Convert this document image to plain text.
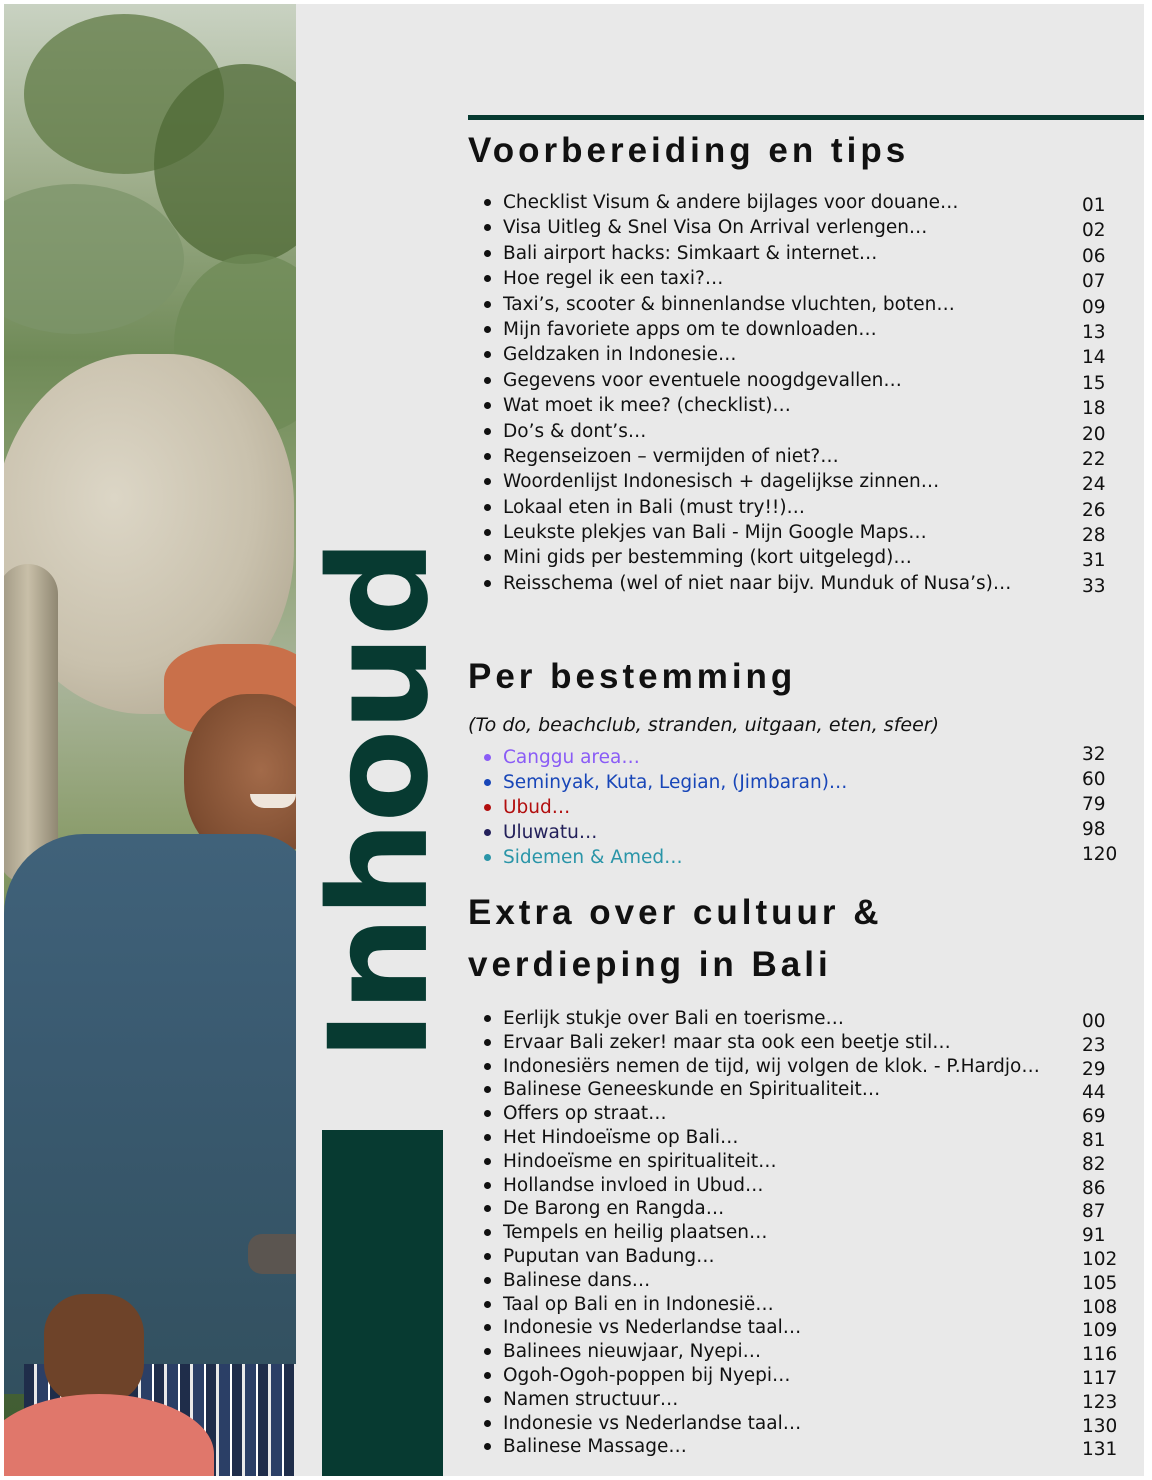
Inhoud
Voorbereiding en tips
Checklist Visum & andere bijlages voor douane…	01
Visa Uitleg & Snel Visa On Arrival verlengen…	02
Bali airport hacks: Simkaart & internet…	06
Hoe regel ik een taxi?…	07
Taxi’s, scooter & binnenlandse vluchten, boten…	09
Mijn favoriete apps om te downloaden…	13
Geldzaken in Indonesie…	14
Gegevens voor eventuele noogdgevallen…	15
Wat moet ik mee? (checklist)…	18
Do’s & dont’s…	20
Regenseizoen – vermijden of niet?…	22
Woordenlijst Indonesisch + dagelijkse zinnen…	24
Lokaal eten in Bali (must try!!)…	26
Leukste plekjes van Bali - Mijn Google Maps…	28
Mini gids per bestemming (kort uitgelegd)…	31
Reisschema (wel of niet naar bijv. Munduk of Nusa’s)…	33
Per bestemming
(To do, beachclub, stranden, uitgaan, eten, sfeer)
Canggu area…	32
Seminyak, Kuta, Legian, (Jimbaran)…	60
Ubud…	79
Uluwatu…	98
Sidemen & Amed…	120
Extra over cultuur &
verdieping in Bali
Eerlijk stukje over Bali en toerisme…	00
Ervaar Bali zeker! maar sta ook een beetje stil…	23
Indonesiërs nemen de tijd, wij volgen de klok. - P.Hardjo… 29
Balinese Geneeskunde en Spiritualiteit…	44
Offers op straat…	69
Het Hindoeïsme op Bali…	81
Hindoeïsme en spiritualiteit…	82
Hollandse invloed in Ubud…	86
De Barong en Rangda…	87
Tempels en heilig plaatsen…	91
Puputan van Badung…	102
Balinese dans…	105
Taal op Bali en in Indonesië…	108
Indonesie vs Nederlandse taal…	109
Balinees nieuwjaar, Nyepi…	116
Ogoh-Ogoh-poppen bij Nyepi…	117
Namen structuur…	123
Indonesie vs Nederlandse taal…	130
Balinese Massage…	131
